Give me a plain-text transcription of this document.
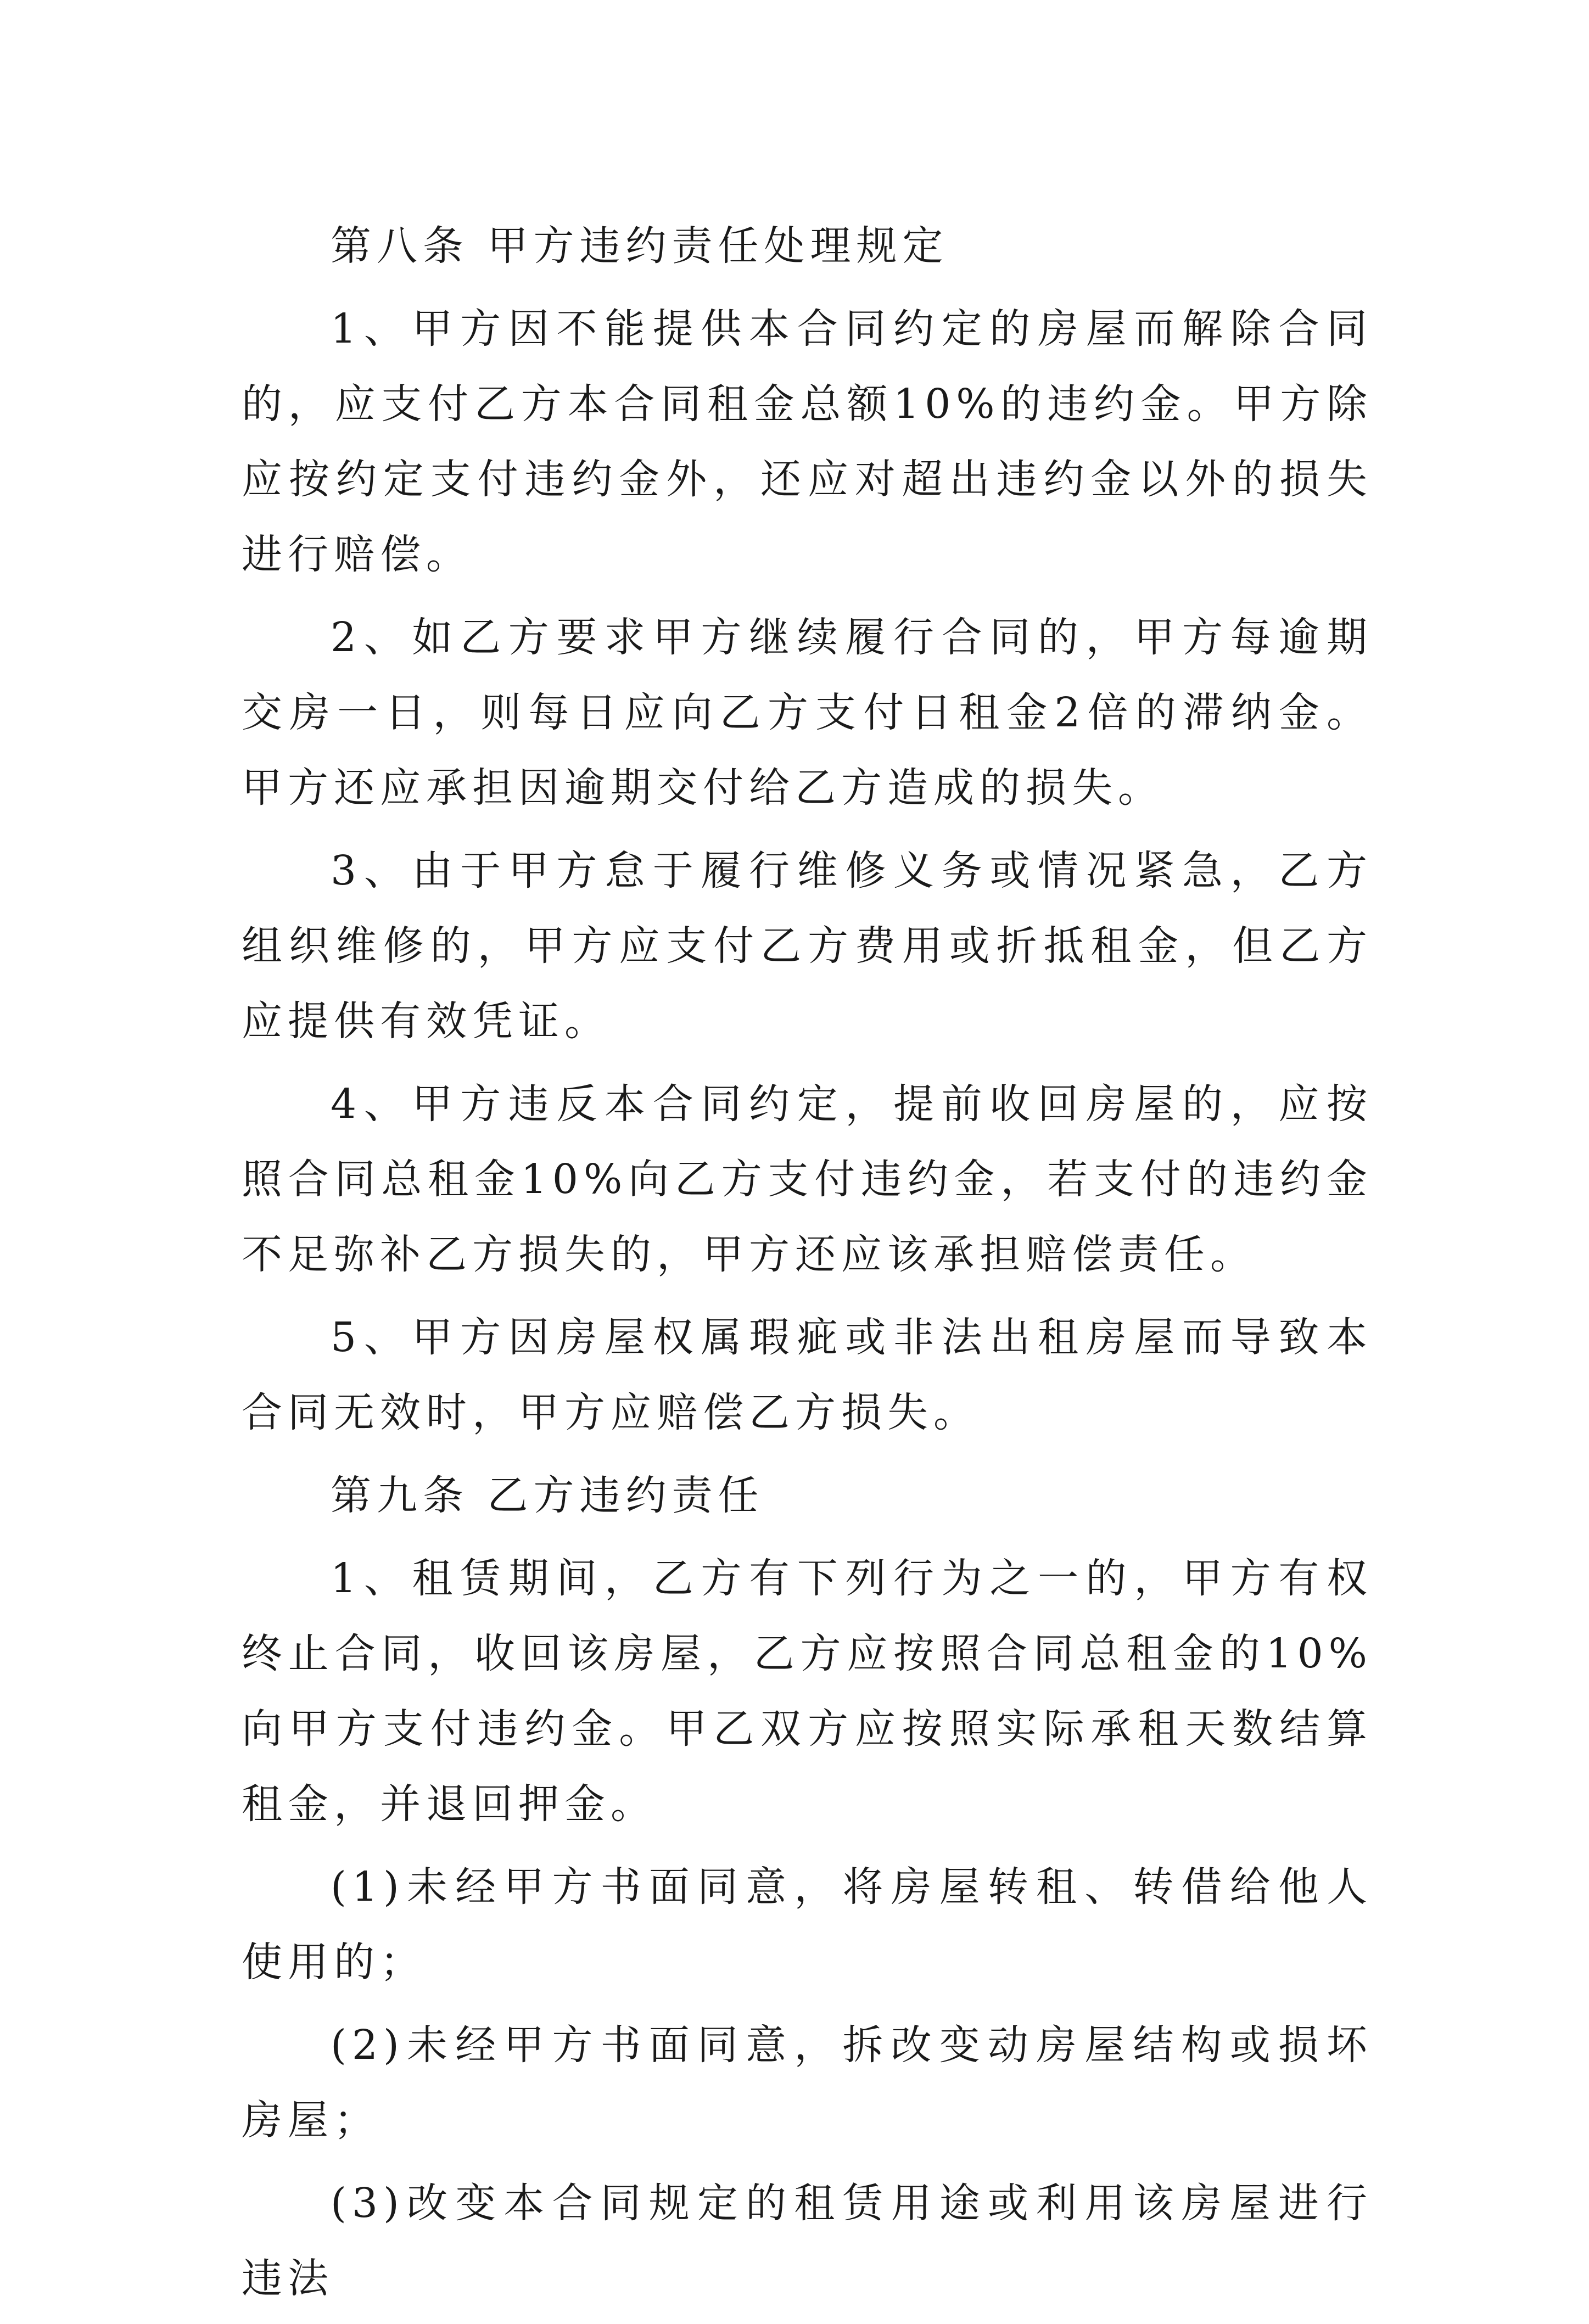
第八条 甲方违约责任处理规定

1、甲方因不能提供本合同约定的房屋而解除合同的，应支付乙方本合同租金总额10%的违约金。甲方除应按约定支付违约金外，还应对超出违约金以外的损失进行赔偿。

2、如乙方要求甲方继续履行合同的，甲方每逾期交房一日，则每日应向乙方支付日租金2倍的滞纳金。甲方还应承担因逾期交付给乙方造成的损失。

3、由于甲方怠于履行维修义务或情况紧急，乙方组织维修的，甲方应支付乙方费用或折抵租金，但乙方应提供有效凭证。

4、甲方违反本合同约定，提前收回房屋的，应按照合同总租金10%向乙方支付违约金，若支付的违约金不足弥补乙方损失的，甲方还应该承担赔偿责任。

5、甲方因房屋权属瑕疵或非法出租房屋而导致本合同无效时，甲方应赔偿乙方损失。

第九条 乙方违约责任

1、租赁期间，乙方有下列行为之一的，甲方有权终止合同，收回该房屋，乙方应按照合同总租金的10%向甲方支付违约金。甲乙双方应按照实际承租天数结算租金，并退回押金。

(1)未经甲方书面同意，将房屋转租、转借给他人使用的；

(2)未经甲方书面同意，拆改变动房屋结构或损坏房屋；

(3)改变本合同规定的租赁用途或利用该房屋进行违法
